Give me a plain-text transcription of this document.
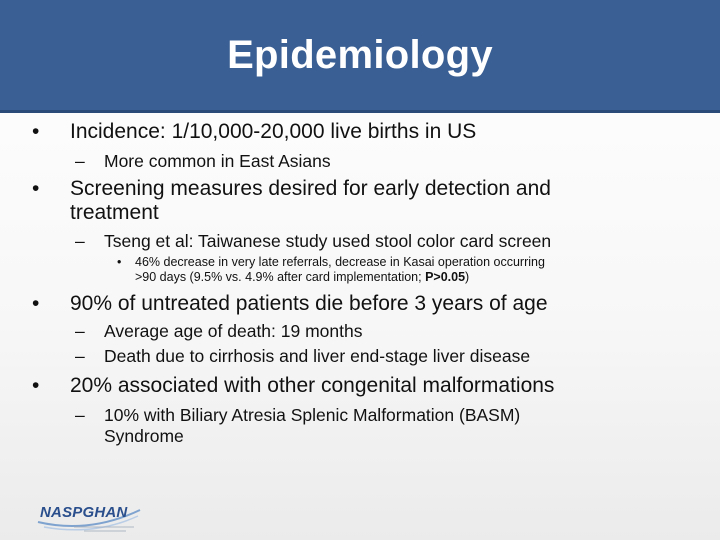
Epidemiology

• Incidence: 1/10,000-20,000 live births in US

– More common in East Asians

• Screening measures desired for early detection and

treatment

– Tseng et al: Taiwanese study used stool color card screen

• 46% decrease in very late referrals, decrease in Kasai operation occurring

>90 days (9.5% vs. 4.9% after card implementation; P>0.05)

• 90% of untreated patients die before 3 years of age

– Average age of death: 19 months

– Death due to cirrhosis and liver end-stage liver disease

• 20% associated with other congenital malformations

– 10% with Biliary Atresia Splenic Malformation (BASM)

Syndrome

NASPGHAN
